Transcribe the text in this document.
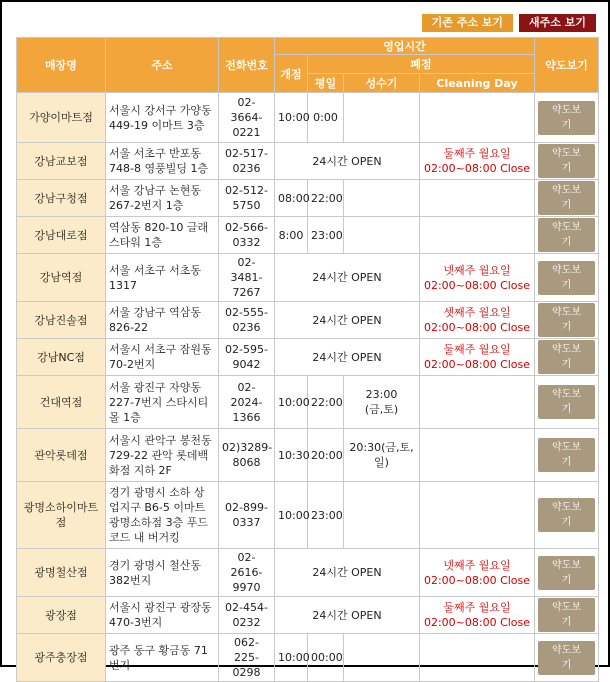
기존 주소 보기	새주소 보기
매장명	주소	전화번호	영업시간				약도보기
			개점	폐점			
				평일	성수기	Cleaning Day	
가양이마트점	서울시 강서구 가양동 449-19 이마트 3층	02-3664-0221	10:00	0:00			약도보기
강남교보점	서울 서초구 반포동 748-8 영풍빌딩 1층	02-517-0236	24시간 OPEN			둘째주 월요일
02:00~08:00 Close	약도보기
강남구청점	서울 강남구 논현동 267-2번지 1층	02-512-5750	08:00	22:00			약도보기
강남대로점	역삼동 820-10 글래스타워 1층	02-566-0332	8:00	23:00			약도보기
강남역점	서울 서초구 서초동 1317	02-3481-7267	24시간 OPEN			넷째주 월요일
02:00~08:00 Close	약도보기
강남진솔점	서울 강남구 역삼동 826-22	02-555-0236	24시간 OPEN			셋째주 월요일
02:00~08:00 Close	약도보기
강남NC점	서울시 서초구 잠원동 70-2번지	02-595-9042	24시간 OPEN			둘째주 월요일
02:00~08:00 Close	약도보기
건대역점	서울 광진구 자양동 227-7번지 스타시티몰 1층	02-2024-1366	10:00	22:00	23:00
(금,토)		약도보기
관악롯데점	서울시 관악구 봉천동 729-22 관악 롯데백화점 지하 2F	02)3289-8068	10:30	20:00	20:30(금,토,
일)		약도보기
광명소하이마트점	경기 광명시 소하 상업지구 B6-5 이마트 광명소하점 3층 푸드코드 내 버거킹	02-899-0337	10:00	23:00			약도보기
광명철산점	경기 광명시 철산동 382번지	02-2616-9970	24시간 OPEN			넷째주 월요일
02:00~08:00 Close	약도보기
광장점	서울시 광진구 광장동 470-3번지	02-454-0232	24시간 OPEN			둘째주 월요일
02:00~08:00 Close	약도보기
광주충장점	광주 동구 황금동 71번지	062-225-0298	10:00	00:00			약도보기
